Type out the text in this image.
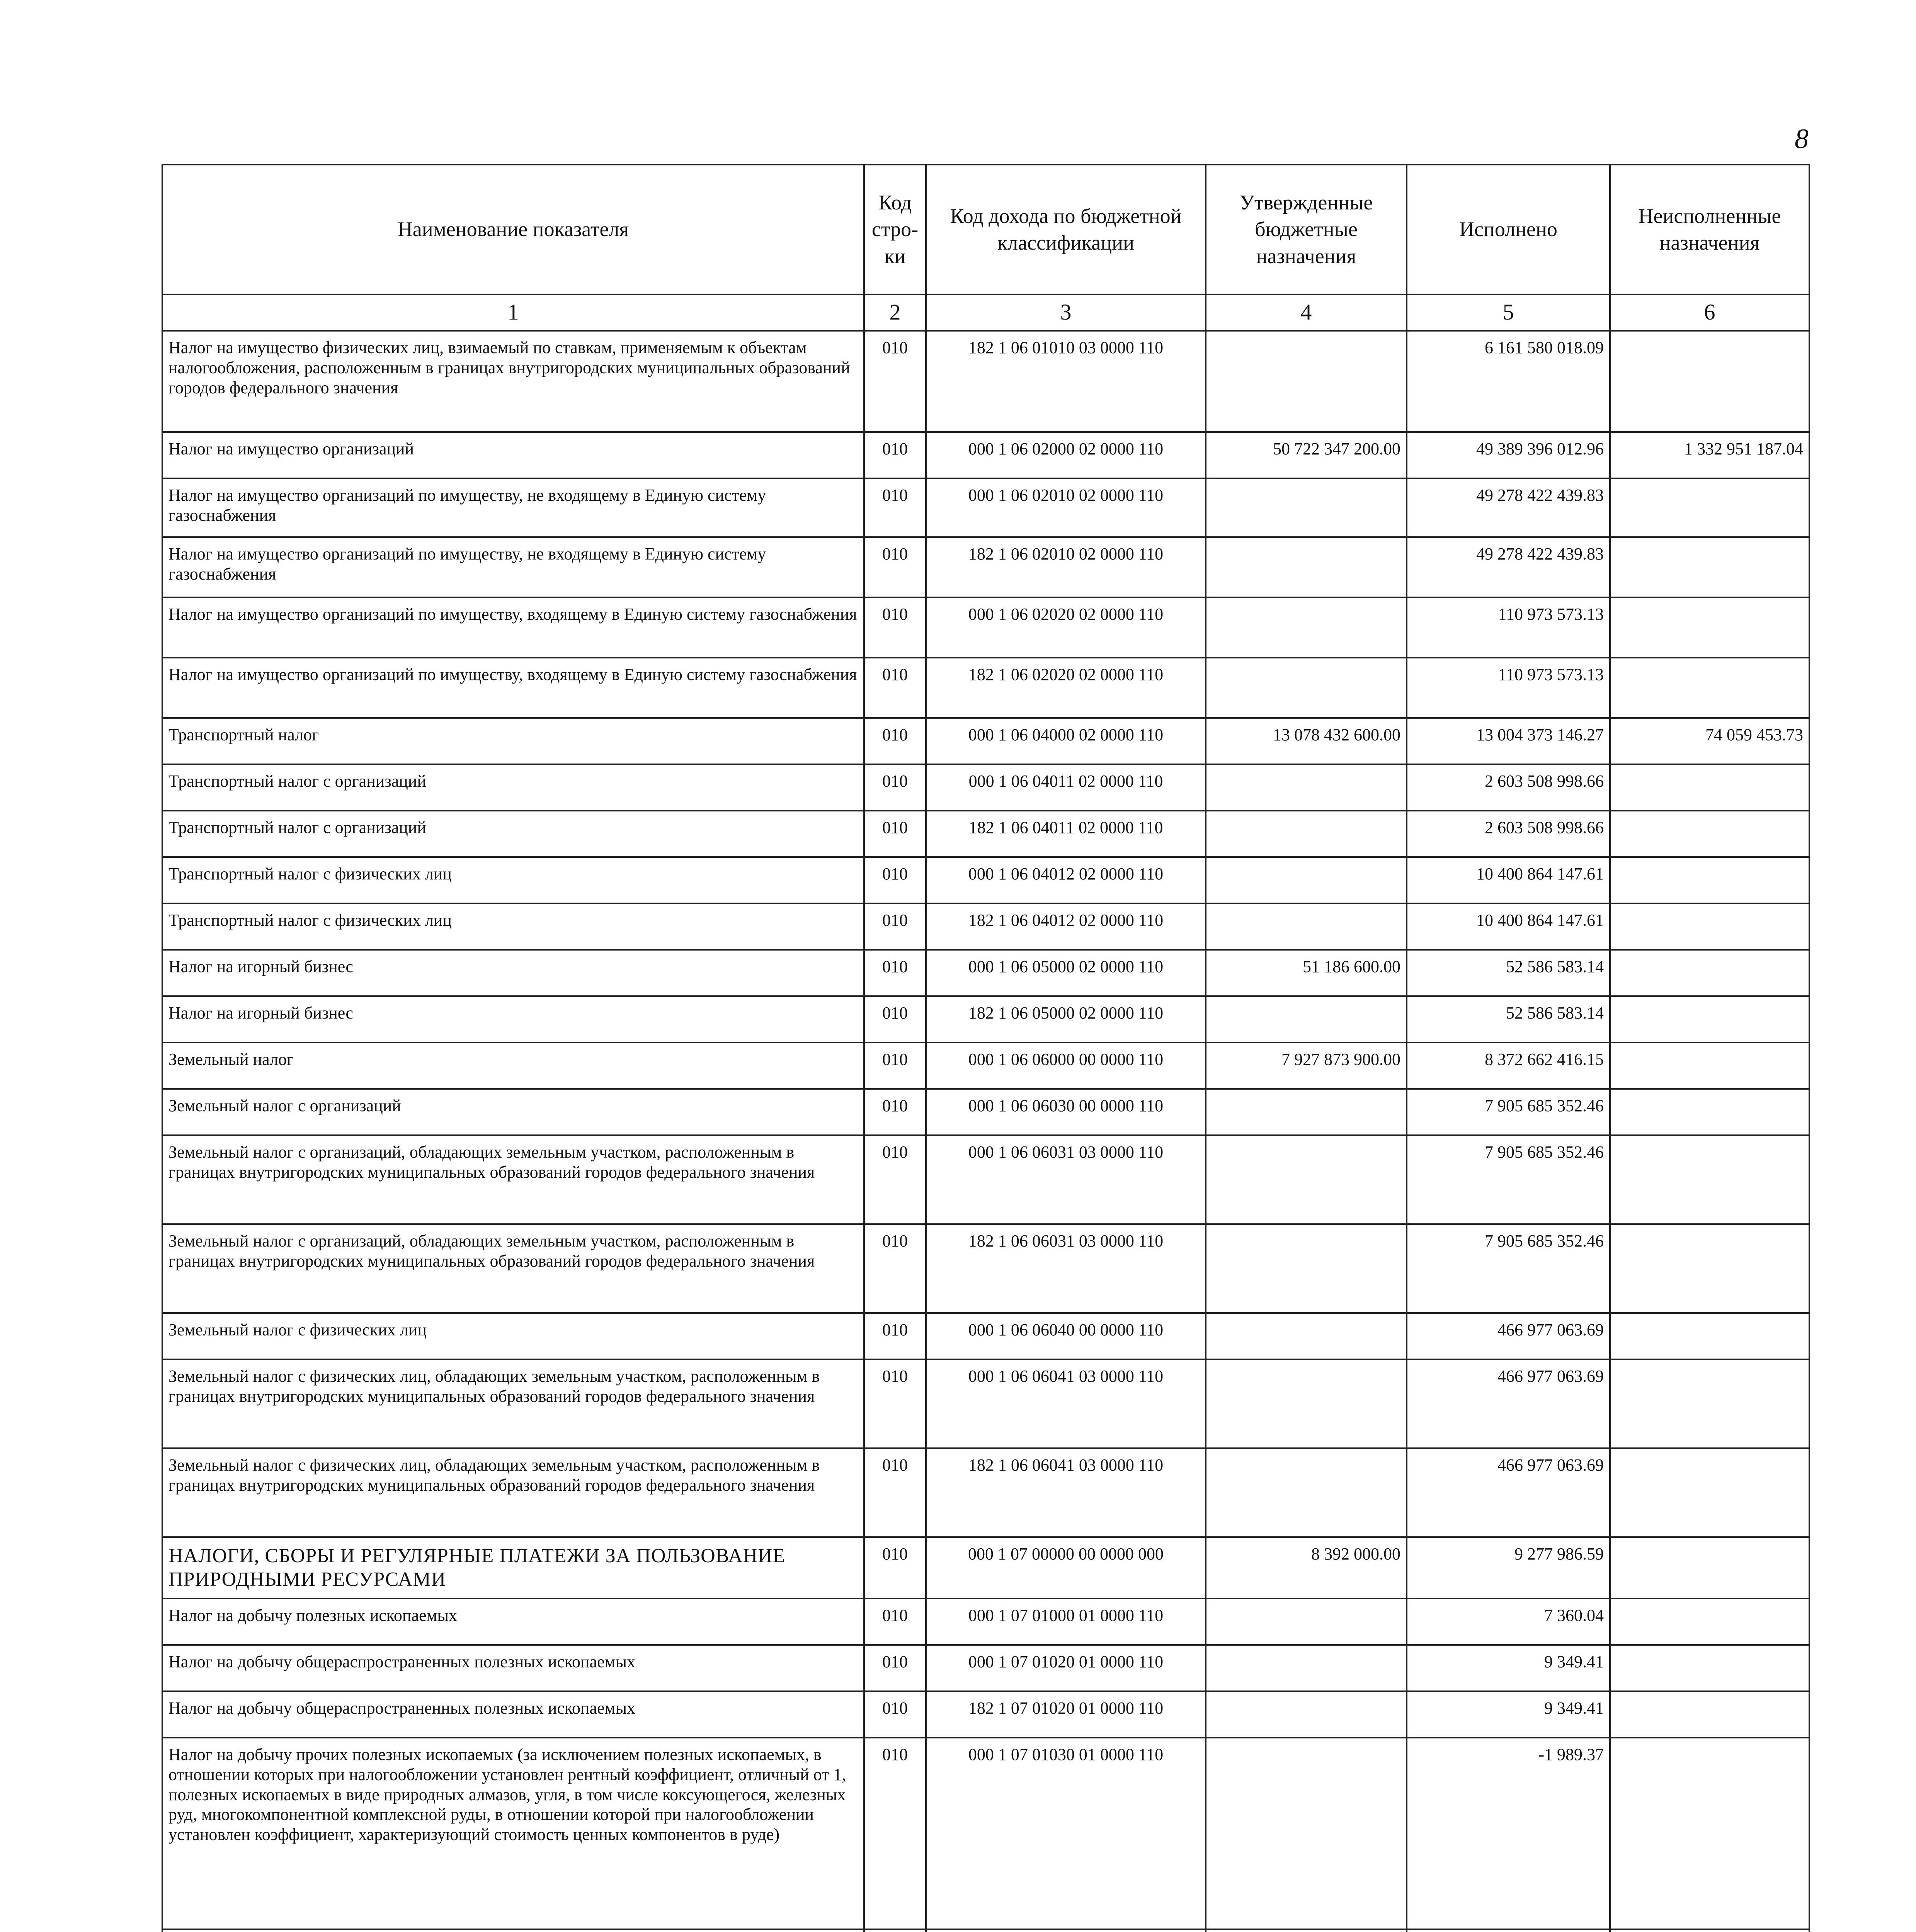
8
Наименование показателя	Код стро-ки	Код дохода по бюджетной классификации	Утвержденные бюджетные назначения	Исполнено	Неисполненные назначения
1	2	3	4	5	6
Налог на имущество физических лиц, взимаемый по ставкам, применяемым к объектам налогообложения, расположенным в границах внутригородских муниципальных образований городов федерального значения	010	182 1 06 01010 03 0000 110		6 161 580 018.09	
Налог на имущество организаций	010	000 1 06 02000 02 0000 110	50 722 347 200.00	49 389 396 012.96	1 332 951 187.04
Налог на имущество организаций по имуществу, не входящему в Единую систему газоснабжения	010	000 1 06 02010 02 0000 110		49 278 422 439.83	
Налог на имущество организаций по имуществу, не входящему в Единую систему газоснабжения	010	182 1 06 02010 02 0000 110		49 278 422 439.83	
Налог на имущество организаций по имуществу, входящему в Единую систему газоснабжения	010	000 1 06 02020 02 0000 110		110 973 573.13	
Налог на имущество организаций по имуществу, входящему в Единую систему газоснабжения	010	182 1 06 02020 02 0000 110		110 973 573.13	
Транспортный налог	010	000 1 06 04000 02 0000 110	13 078 432 600.00	13 004 373 146.27	74 059 453.73
Транспортный налог с организаций	010	000 1 06 04011 02 0000 110		2 603 508 998.66	
Транспортный налог с организаций	010	182 1 06 04011 02 0000 110		2 603 508 998.66	
Транспортный налог с физических лиц	010	000 1 06 04012 02 0000 110		10 400 864 147.61	
Транспортный налог с физических лиц	010	182 1 06 04012 02 0000 110		10 400 864 147.61	
Налог на игорный бизнес	010	000 1 06 05000 02 0000 110	51 186 600.00	52 586 583.14	
Налог на игорный бизнес	010	182 1 06 05000 02 0000 110		52 586 583.14	
Земельный налог	010	000 1 06 06000 00 0000 110	7 927 873 900.00	8 372 662 416.15	
Земельный налог с организаций	010	000 1 06 06030 00 0000 110		7 905 685 352.46	
Земельный налог с организаций, обладающих земельным участком, расположенным в границах внутригородских муниципальных образований городов федерального значения	010	000 1 06 06031 03 0000 110		7 905 685 352.46	
Земельный налог с организаций, обладающих земельным участком, расположенным в границах внутригородских муниципальных образований городов федерального значения	010	182 1 06 06031 03 0000 110		7 905 685 352.46	
Земельный налог с физических лиц	010	000 1 06 06040 00 0000 110		466 977 063.69	
Земельный налог с физических лиц, обладающих земельным участком, расположенным в границах внутригородских муниципальных образований городов федерального значения	010	000 1 06 06041 03 0000 110		466 977 063.69	
Земельный налог с физических лиц, обладающих земельным участком, расположенным в границах внутригородских муниципальных образований городов федерального значения	010	182 1 06 06041 03 0000 110		466 977 063.69	
НАЛОГИ, СБОРЫ И РЕГУЛЯРНЫЕ ПЛАТЕЖИ ЗА ПОЛЬЗОВАНИЕ ПРИРОДНЫМИ РЕСУРСАМИ	010	000 1 07 00000 00 0000 000	8 392 000.00	9 277 986.59	
Налог на добычу полезных ископаемых	010	000 1 07 01000 01 0000 110		7 360.04	
Налог на добычу общераспространенных полезных ископаемых	010	000 1 07 01020 01 0000 110		9 349.41	
Налог на добычу общераспространенных полезных ископаемых	010	182 1 07 01020 01 0000 110		9 349.41	
Налог на добычу прочих полезных ископаемых (за исключением полезных ископаемых, в отношении которых при налогообложении установлен рентный коэффициент, отличный от 1, полезных ископаемых в виде природных алмазов, угля, в том числе коксующегося, железных руд, многокомпонентной комплексной руды, в отношении которой при налогообложении установлен коэффициент, характеризующий стоимость ценных компонентов в руде)	010	000 1 07 01030 01 0000 110		-1 989.37	
